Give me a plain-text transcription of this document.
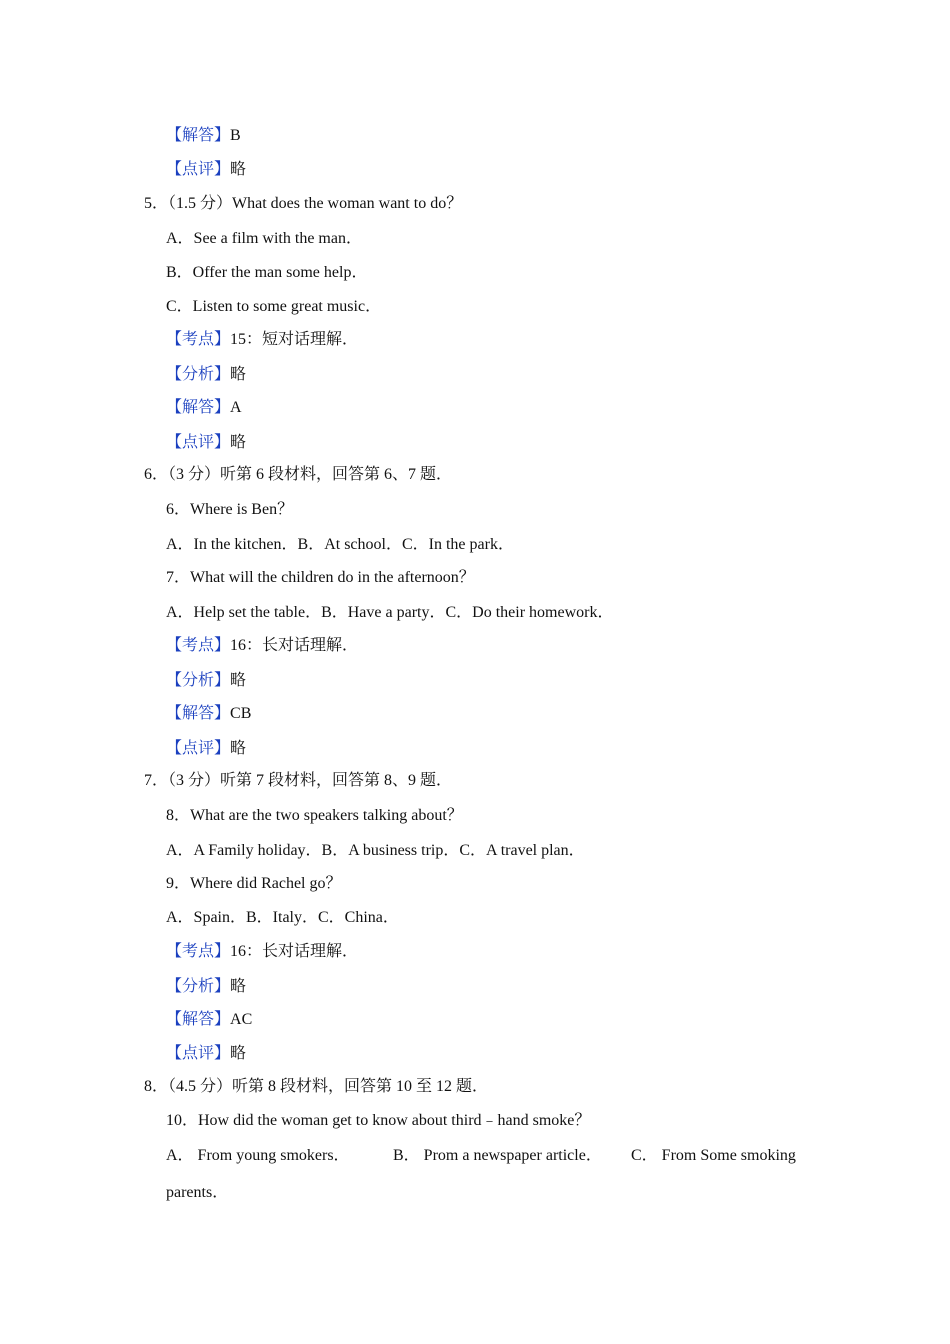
【解答】B
【点评】略
5．（1.5 分）What does the woman want to do？
A．See a film with the man．
B．Offer the man some help．
C．Listen to some great music．
【考点】15：短对话理解．
【分析】略
【解答】A
【点评】略
6．（3 分）听第 6 段材料，回答第 6、7 题．
6．Where is Ben？
A．In the kitchen．B．At school．C．In the park．
7．What will the children do in the afternoon？
A．Help set the table．B．Have a party．C．Do their homework．
【考点】16：长对话理解．
【分析】略
【解答】CB
【点评】略
7．（3 分）听第 7 段材料，回答第 8、9 题．
8．What are the two speakers talking about？
A．A Family holiday．B．A business trip．C．A travel plan．
9．Where did Rachel go？
A．Spain．B．Italy．C．China．
【考点】16：长对话理解．
【分析】略
【解答】AC
【点评】略
8．（4.5 分）听第 8 段材料，回答第 10 至 12 题．
10．How did the woman get to know about third﹣hand smoke？
A． From young smokers．	B． Prom a newspaper article． C． From Some smoking
parents．
